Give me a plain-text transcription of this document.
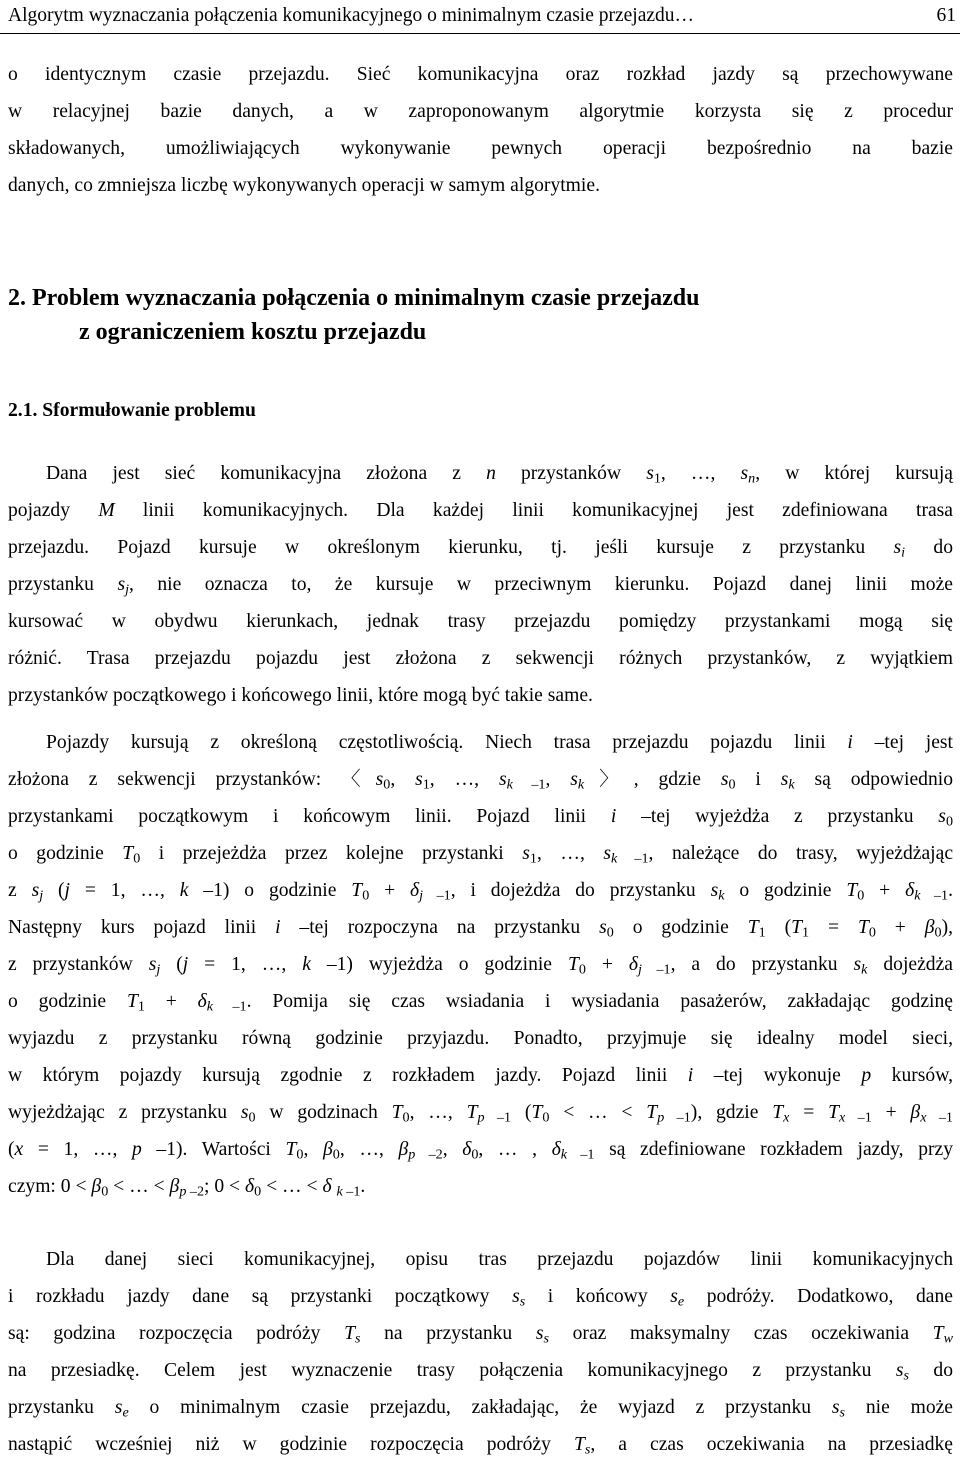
Algorytm wyznaczania połączenia komunikacyjnego o minimalnym czasie przejazdu…	61
o identycznym czasie przejazdu. Sieć komunikacyjna oraz rozkład jazdy są przechowywane
w relacyjnej bazie danych, a w zaproponowanym algorytmie korzysta się z procedur
składowanych, umożliwiających wykonywanie pewnych operacji bezpośrednio na bazie
danych, co zmniejsza liczbę wykonywanych operacji w samym algorytmie.
2. Problem wyznaczania połączenia o minimalnym czasie przejazdu
z ograniczeniem kosztu przejazdu
2.1. Sformułowanie problemu
Dana jest sieć komunikacyjna złożona z n przystanków $s_1$, …, $s_n$, w której kursują
pojazdy M linii komunikacyjnych. Dla każdej linii komunikacyjnej jest zdefiniowana trasa
przejazdu. Pojazd kursuje w określonym kierunku, tj. jeśli kursuje z przystanku $s_i$ do
przystanku $s_j$, nie oznacza to, że kursuje w przeciwnym kierunku. Pojazd danej linii może
kursować w obydwu kierunkach, jednak trasy przejazdu pomiędzy przystankami mogą się
różnić. Trasa przejazdu pojazdu jest złożona z sekwencji różnych przystanków, z wyjątkiem
przystanków początkowego i końcowego linii, które mogą być takie same.
Pojazdy kursują z określoną częstotliwością. Niech trasa przejazdu pojazdu linii i –tej jest
złożona z sekwencji przystanków: 〈$s_0$, $s_1$, …, $s_{k -1}$, $s_k$〉, gdzie $s_0$ i $s_k$ są odpowiednio
przystankami początkowym i końcowym linii. Pojazd linii i –tej wyjeżdża z przystanku $s_0$
o godzinie $T_0$ i przejeżdża przez kolejne przystanki $s_1$, …, $s_{k -1}$, należące do trasy, wyjeżdżając
z $s_j$ (j = 1, …, k –1) o godzinie $T_0 + \delta_{j -1}$, i dojeżdża do przystanku $s_k$ o godzinie $T_0 + \delta_{k -1}$.
Następny kurs pojazd linii i –tej rozpoczyna na przystanku $s_0$ o godzinie $T_1$ $(T_1 = T_0 + \beta_0)$,
z przystanków $s_j$ (j = 1, …, k –1) wyjeżdża o godzinie $T_0 + \delta_{j -1}$, a do przystanku $s_k$ dojeżdża
o godzinie $T_1 + \delta_{k -1}$. Pomija się czas wsiadania i wysiadania pasażerów, zakładając godzinę
wyjazdu z przystanku równą godzinie przyjazdu. Ponadto, przyjmuje się idealny model sieci,
w którym pojazdy kursują zgodnie z rozkładem jazdy. Pojazd linii i –tej wykonuje p kursów,
wyjeżdżając z przystanku $s_0$ w godzinach $T_0$, …, $T_{p -1}$ ($T_0$ < … < $T_{p -1}$), gdzie $T_x = T_{x -1} + \beta_{x -1}$
(x = 1, …, p –1). Wartości $T_0$, $\beta_0$, …, $\beta_{p -2}$, $\delta_0$, … , $\delta_{k -1}$ są zdefiniowane rozkładem jazdy, przy
czym: $0 < \beta_0$ < … < $\beta_{p -2}$; $0 < \delta_0$ < … < δ $_{k -1}$.
Dla danej sieci komunikacyjnej, opisu tras przejazdu pojazdów linii komunikacyjnych
i rozkładu jazdy dane są przystanki początkowy $s_s$ i końcowy $s_e$ podróży. Dodatkowo, dane
są: godzina rozpoczęcia podróży $T_s$ na przystanku $s_s$ oraz maksymalny czas oczekiwania $T_w$
na przesiadkę. Celem jest wyznaczenie trasy połączenia komunikacyjnego z przystanku $s_s$ do
przystanku $s_e$ o minimalnym czasie przejazdu, zakładając, że wyjazd z przystanku $s_s$ nie może
nastąpić wcześniej niż w godzinie rozpoczęcia podróży $T_s$, a czas oczekiwania na przesiadkę
